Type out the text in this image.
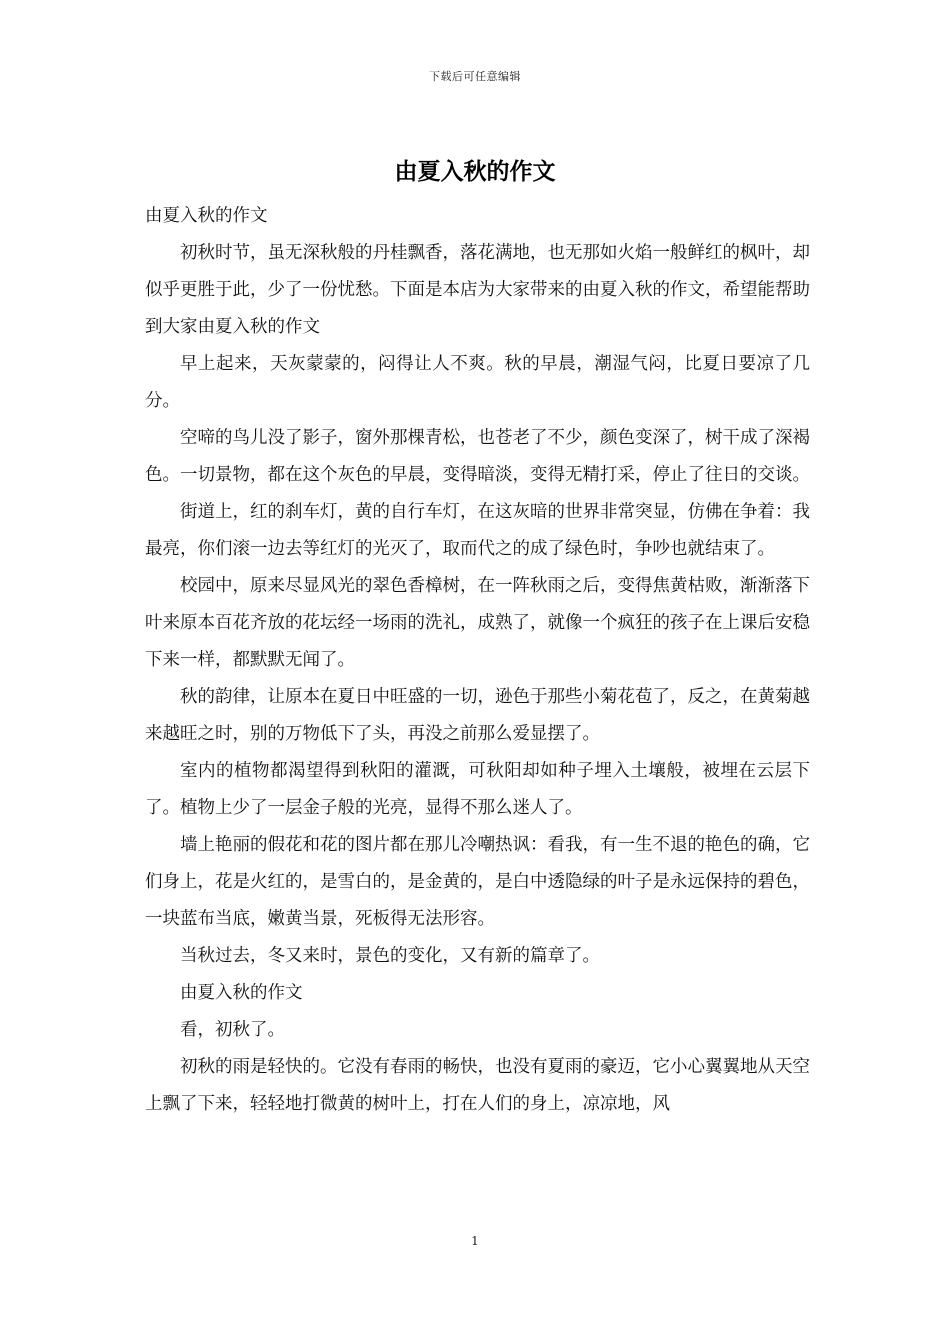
下载后可任意编辑
由夏入秋的作文

由夏入秋的作文

初秋时节，虽无深秋般的丹桂飘香，落花满地，也无那如火焰一般鲜红的枫叶，却似乎更胜于此，少了一份忧愁。下面是本店为大家带来的由夏入秋的作文，希望能帮助到大家由夏入秋的作文

早上起来，天灰蒙蒙的，闷得让人不爽。秋的早晨，潮湿气闷，比夏日要凉了几分。

空啼的鸟儿没了影子，窗外那棵青松，也苍老了不少，颜色变深了，树干成了深褐色。一切景物，都在这个灰色的早晨，变得暗淡，变得无精打采，停止了往日的交谈。

街道上，红的刹车灯，黄的自行车灯，在这灰暗的世界非常突显，仿佛在争着：我最亮，你们滚一边去等红灯的光灭了，取而代之的成了绿色时，争吵也就结束了。

校园中，原来尽显风光的翠色香樟树，在一阵秋雨之后，变得焦黄枯败，渐渐落下叶来原本百花齐放的花坛经一场雨的洗礼，成熟了，就像一个疯狂的孩子在上课后安稳下来一样，都默默无闻了。

秋的韵律，让原本在夏日中旺盛的一切，逊色于那些小菊花苞了，反之，在黄菊越来越旺之时，别的万物低下了头，再没之前那么爱显摆了。

室内的植物都渴望得到秋阳的灌溉，可秋阳却如种子埋入土壤般，被埋在云层下了。植物上少了一层金子般的光亮，显得不那么迷人了。

墙上艳丽的假花和花的图片都在那儿冷嘲热讽：看我，有一生不退的艳色的确，它们身上，花是火红的，是雪白的，是金黄的，是白中透隐绿的叶子是永远保持的碧色，一块蓝布当底，嫩黄当景，死板得无法形容。

当秋过去，冬又来时，景色的变化，又有新的篇章了。

由夏入秋的作文

看，初秋了。

初秋的雨是轻快的。它没有春雨的畅快，也没有夏雨的豪迈，它小心翼翼地从天空上飘了下来，轻轻地打微黄的树叶上，打在人们的身上，凉凉地，风

1
